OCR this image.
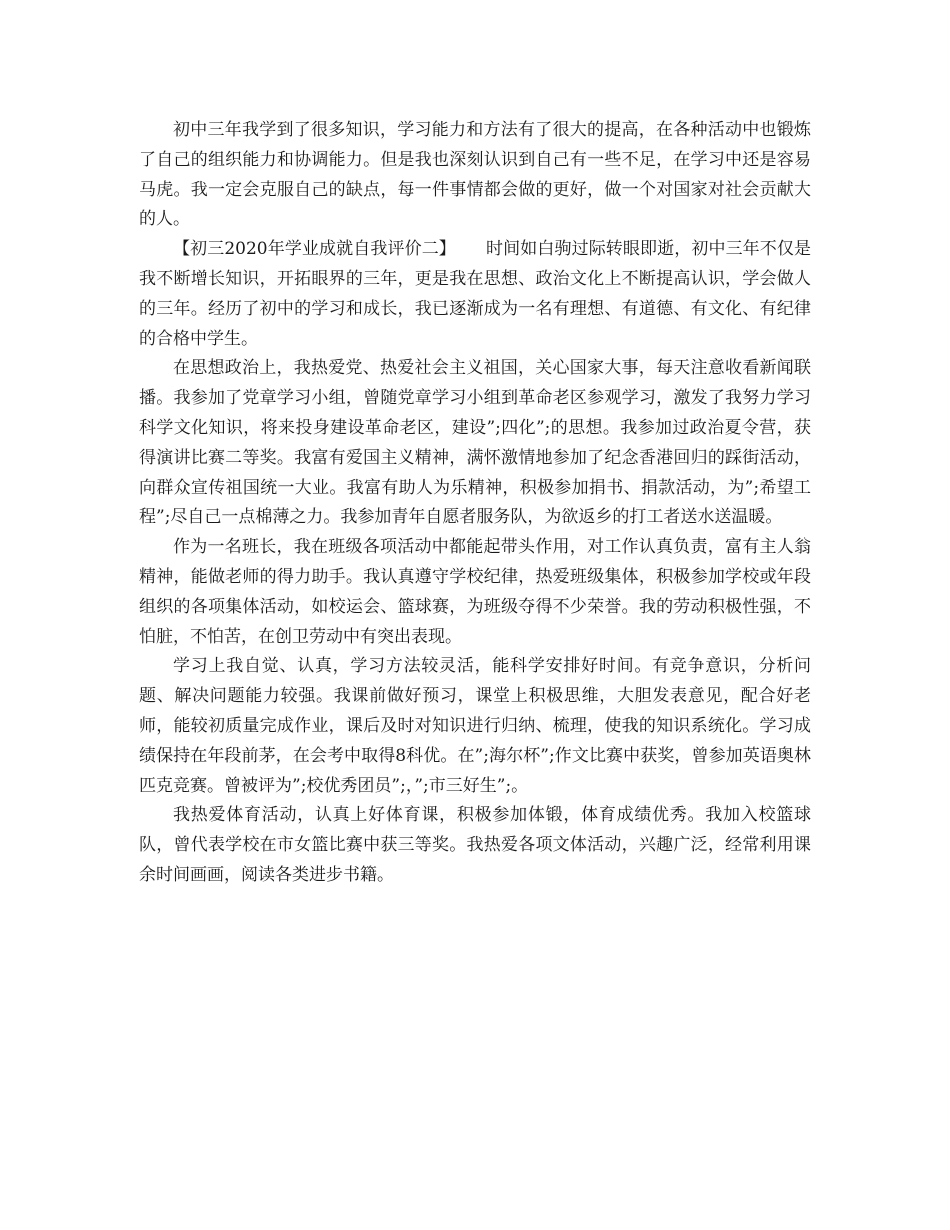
初中三年我学到了很多知识，学习能力和方法有了很大的提高，在各种活动中也锻炼了自己的组织能力和协调能力。但是我也深刻认识到自己有一些不足，在学习中还是容易马虎。我一定会克服自己的缺点，每一件事情都会做的更好，做一个对国家对社会贡献大的人。

【初三2020年学业成就自我评价二】 时间如白驹过际转眼即逝，初中三年不仅是我不断增长知识，开拓眼界的三年，更是我在思想、政治文化上不断提高认识，学会做人的三年。经历了初中的学习和成长，我已逐渐成为一名有理想、有道德、有文化、有纪律的合格中学生。

在思想政治上，我热爱党、热爱社会主义祖国，关心国家大事，每天注意收看新闻联播。我参加了党章学习小组，曾随党章学习小组到革命老区参观学习，激发了我努力学习科学文化知识，将来投身建设革命老区，建设”;四化”;的思想。我参加过政治夏令营，获得演讲比赛二等奖。我富有爱国主义精神，满怀激情地参加了纪念香港回归的踩街活动，向群众宣传祖国统一大业。我富有助人为乐精神，积极参加捐书、捐款活动，为”;希望工程”;尽自己一点棉薄之力。我参加青年自愿者服务队，为欲返乡的打工者送水送温暖。

作为一名班长，我在班级各项活动中都能起带头作用，对工作认真负责，富有主人翁精神，能做老师的得力助手。我认真遵守学校纪律，热爱班级集体，积极参加学校或年段组织的各项集体活动，如校运会、篮球赛，为班级夺得不少荣誉。我的劳动积极性强，不怕脏，不怕苦，在创卫劳动中有突出表现。

学习上我自觉、认真，学习方法较灵活，能科学安排好时间。有竞争意识，分析问题、解决问题能力较强。我课前做好预习，课堂上积极思维，大胆发表意见，配合好老师，能较初质量完成作业，课后及时对知识进行归纳、梳理，使我的知识系统化。学习成绩保持在年段前茅，在会考中取得8科优。在”;海尔杯”;作文比赛中获奖，曾参加英语奥林匹克竞赛。曾被评为”;校优秀团员”;，”;市三好生”;。

我热爱体育活动，认真上好体育课，积极参加体锻，体育成绩优秀。我加入校篮球队，曾代表学校在市女篮比赛中获三等奖。我热爱各项文体活动，兴趣广泛，经常利用课余时间画画，阅读各类进步书籍。
